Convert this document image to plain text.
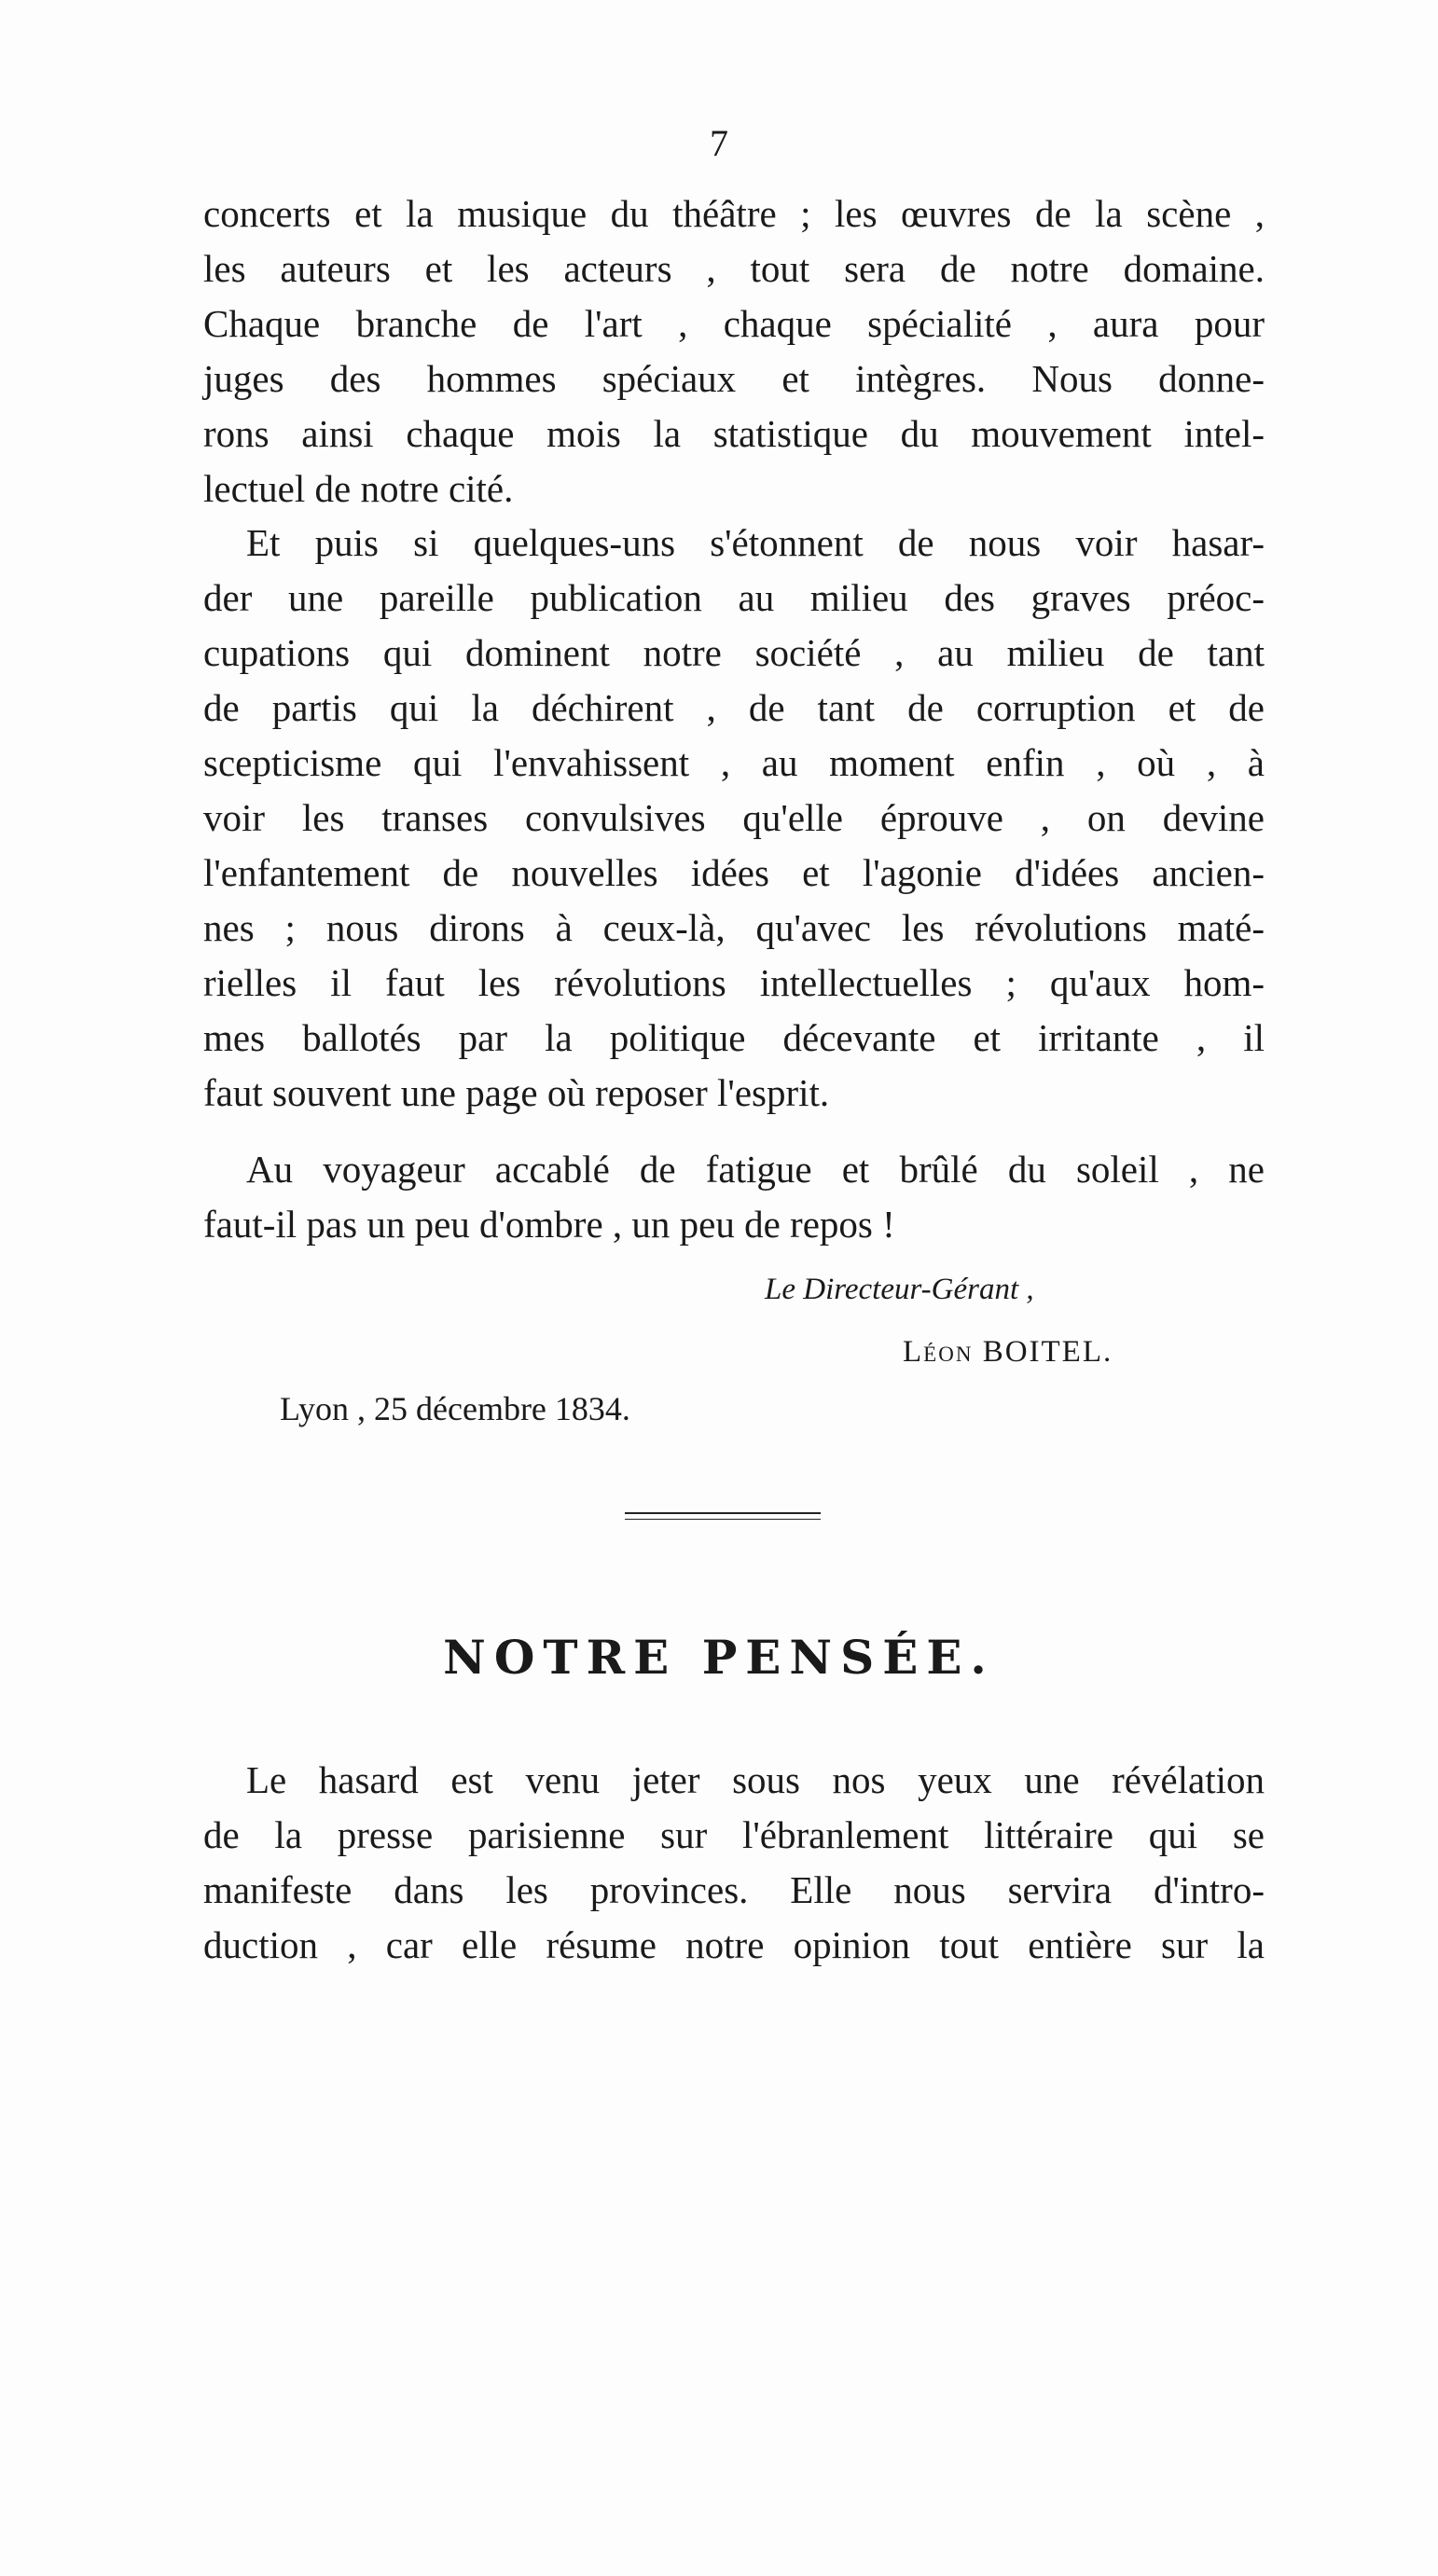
7
concerts et la musique du théâtre ; les œuvres de la scène ,
les auteurs et les acteurs , tout sera de notre domaine.
Chaque branche de l'art , chaque spécialité , aura pour
juges des hommes spéciaux et intègres. Nous donne-
rons ainsi chaque mois la statistique du mouvement intel-
lectuel de notre cité.
Et puis si quelques-uns s'étonnent de nous voir hasar-
der une pareille publication au milieu des graves préoc-
cupations qui dominent notre société , au milieu de tant
de partis qui la déchirent , de tant de corruption et de
scepticisme qui l'envahissent , au moment enfin , où , à
voir les transes convulsives qu'elle éprouve , on devine
l'enfantement de nouvelles idées et l'agonie d'idées ancien-
nes ; nous dirons à ceux-là, qu'avec les révolutions maté-
rielles il faut les révolutions intellectuelles ; qu'aux hom-
mes ballotés par la politique décevante et irritante , il
faut souvent une page où reposer l'esprit.
Au voyageur accablé de fatigue et brûlé du soleil , ne
faut-il pas un peu d'ombre , un peu de repos !
Le Directeur-Gérant ,
Léon BOITEL.
Lyon , 25 décembre 1834.
NOTRE PENSÉE.
Le hasard est venu jeter sous nos yeux une révélation
de la presse parisienne sur l'ébranlement littéraire qui se
manifeste dans les provinces. Elle nous servira d'intro-
duction , car elle résume notre opinion tout entière sur la
